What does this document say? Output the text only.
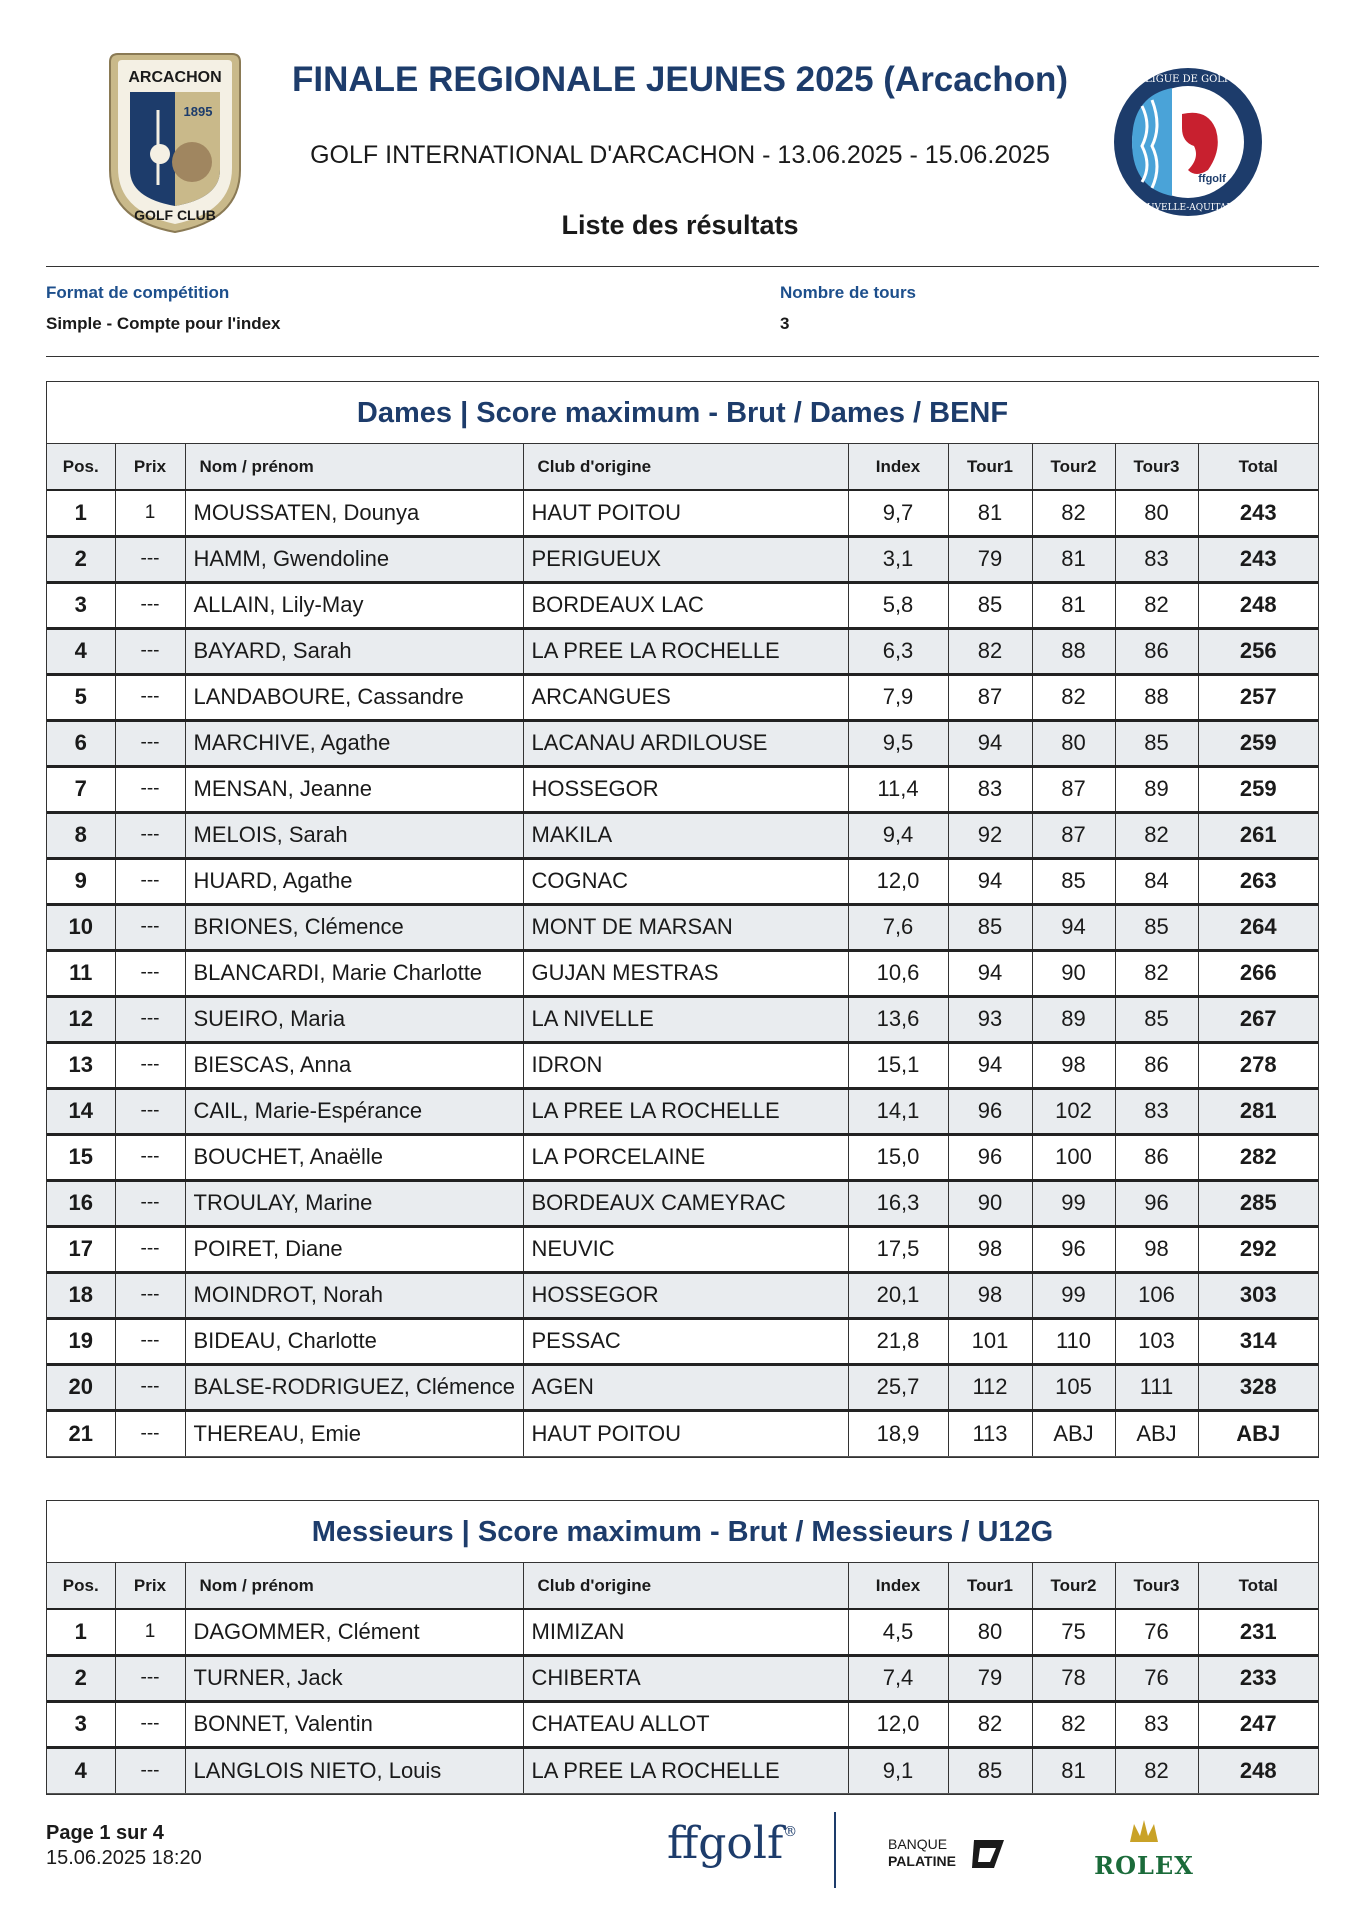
ARCACHON
1895
GOLF CLUB
FINALE REGIONALE JEUNES 2025 (Arcachon)
GOLF INTERNATIONAL D'ARCACHON - 13.06.2025 - 15.06.2025
Liste des résultats
ffgolf
LIGUE DE GOLF
NOUVELLE-AQUITAINE
Format de compétition
Simple - Compte pour l'index
Nombre de tours
3
Dames | Score maximum - Brut / Dames / BENF
Pos.	Prix	Nom / prénom	Club d'origine	Index	Tour1	Tour2	Tour3	Total
1	1	MOUSSATEN, Dounya	HAUT POITOU	9,7	81	82	80	243
2	---	HAMM, Gwendoline	PERIGUEUX	3,1	79	81	83	243
3	---	ALLAIN, Lily-May	BORDEAUX LAC	5,8	85	81	82	248
4	---	BAYARD, Sarah	LA PREE LA ROCHELLE	6,3	82	88	86	256
5	---	LANDABOURE, Cassandre	ARCANGUES	7,9	87	82	88	257
6	---	MARCHIVE, Agathe	LACANAU ARDILOUSE	9,5	94	80	85	259
7	---	MENSAN, Jeanne	HOSSEGOR	11,4	83	87	89	259
8	---	MELOIS, Sarah	MAKILA	9,4	92	87	82	261
9	---	HUARD, Agathe	COGNAC	12,0	94	85	84	263
10	---	BRIONES, Clémence	MONT DE MARSAN	7,6	85	94	85	264
11	---	BLANCARDI, Marie Charlotte	GUJAN MESTRAS	10,6	94	90	82	266
12	---	SUEIRO, Maria	LA NIVELLE	13,6	93	89	85	267
13	---	BIESCAS, Anna	IDRON	15,1	94	98	86	278
14	---	CAIL, Marie-Espérance	LA PREE LA ROCHELLE	14,1	96	102	83	281
15	---	BOUCHET, Anaëlle	LA PORCELAINE	15,0	96	100	86	282
16	---	TROULAY, Marine	BORDEAUX CAMEYRAC	16,3	90	99	96	285
17	---	POIRET, Diane	NEUVIC	17,5	98	96	98	292
18	---	MOINDROT, Norah	HOSSEGOR	20,1	98	99	106	303
19	---	BIDEAU, Charlotte	PESSAC	21,8	101	110	103	314
20	---	BALSE-RODRIGUEZ, Clémence	AGEN	25,7	112	105	111	328
21	---	THEREAU, Emie	HAUT POITOU	18,9	113	ABJ	ABJ	ABJ
Messieurs | Score maximum - Brut / Messieurs / U12G
Pos.	Prix	Nom / prénom	Club d'origine	Index	Tour1	Tour2	Tour3	Total
1	1	DAGOMMER, Clément	MIMIZAN	4,5	80	75	76	231
2	---	TURNER, Jack	CHIBERTA	7,4	79	78	76	233
3	---	BONNET, Valentin	CHATEAU ALLOT	12,0	82	82	83	247
4	---	LANGLOIS NIETO, Louis	LA PREE LA ROCHELLE	9,1	85	81	82	248
Page 1 sur 4
15.06.2025 18:20	ffgolf®
BANQUE
PALATINE	ROLEX
